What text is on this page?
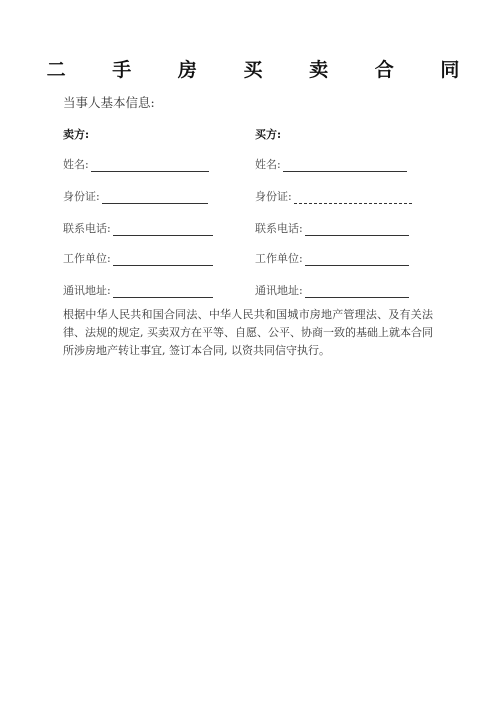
二 手 房 买 卖 合 同
当事人基本信息:
卖方:	买方:
姓名:
身份证:
联系电话:
工作单位:
通讯地址:
姓名:
身份证:
联系电话:
工作单位:
通讯地址:
根据中华人民共和国合同法、中华人民共和国城市房地产管理法、及有关法律、法规的规定, 买卖双方在平等、自愿、公平、协商一致的基础上就本合同所涉房地产转让事宜, 签订本合同, 以资共同信守执行。
